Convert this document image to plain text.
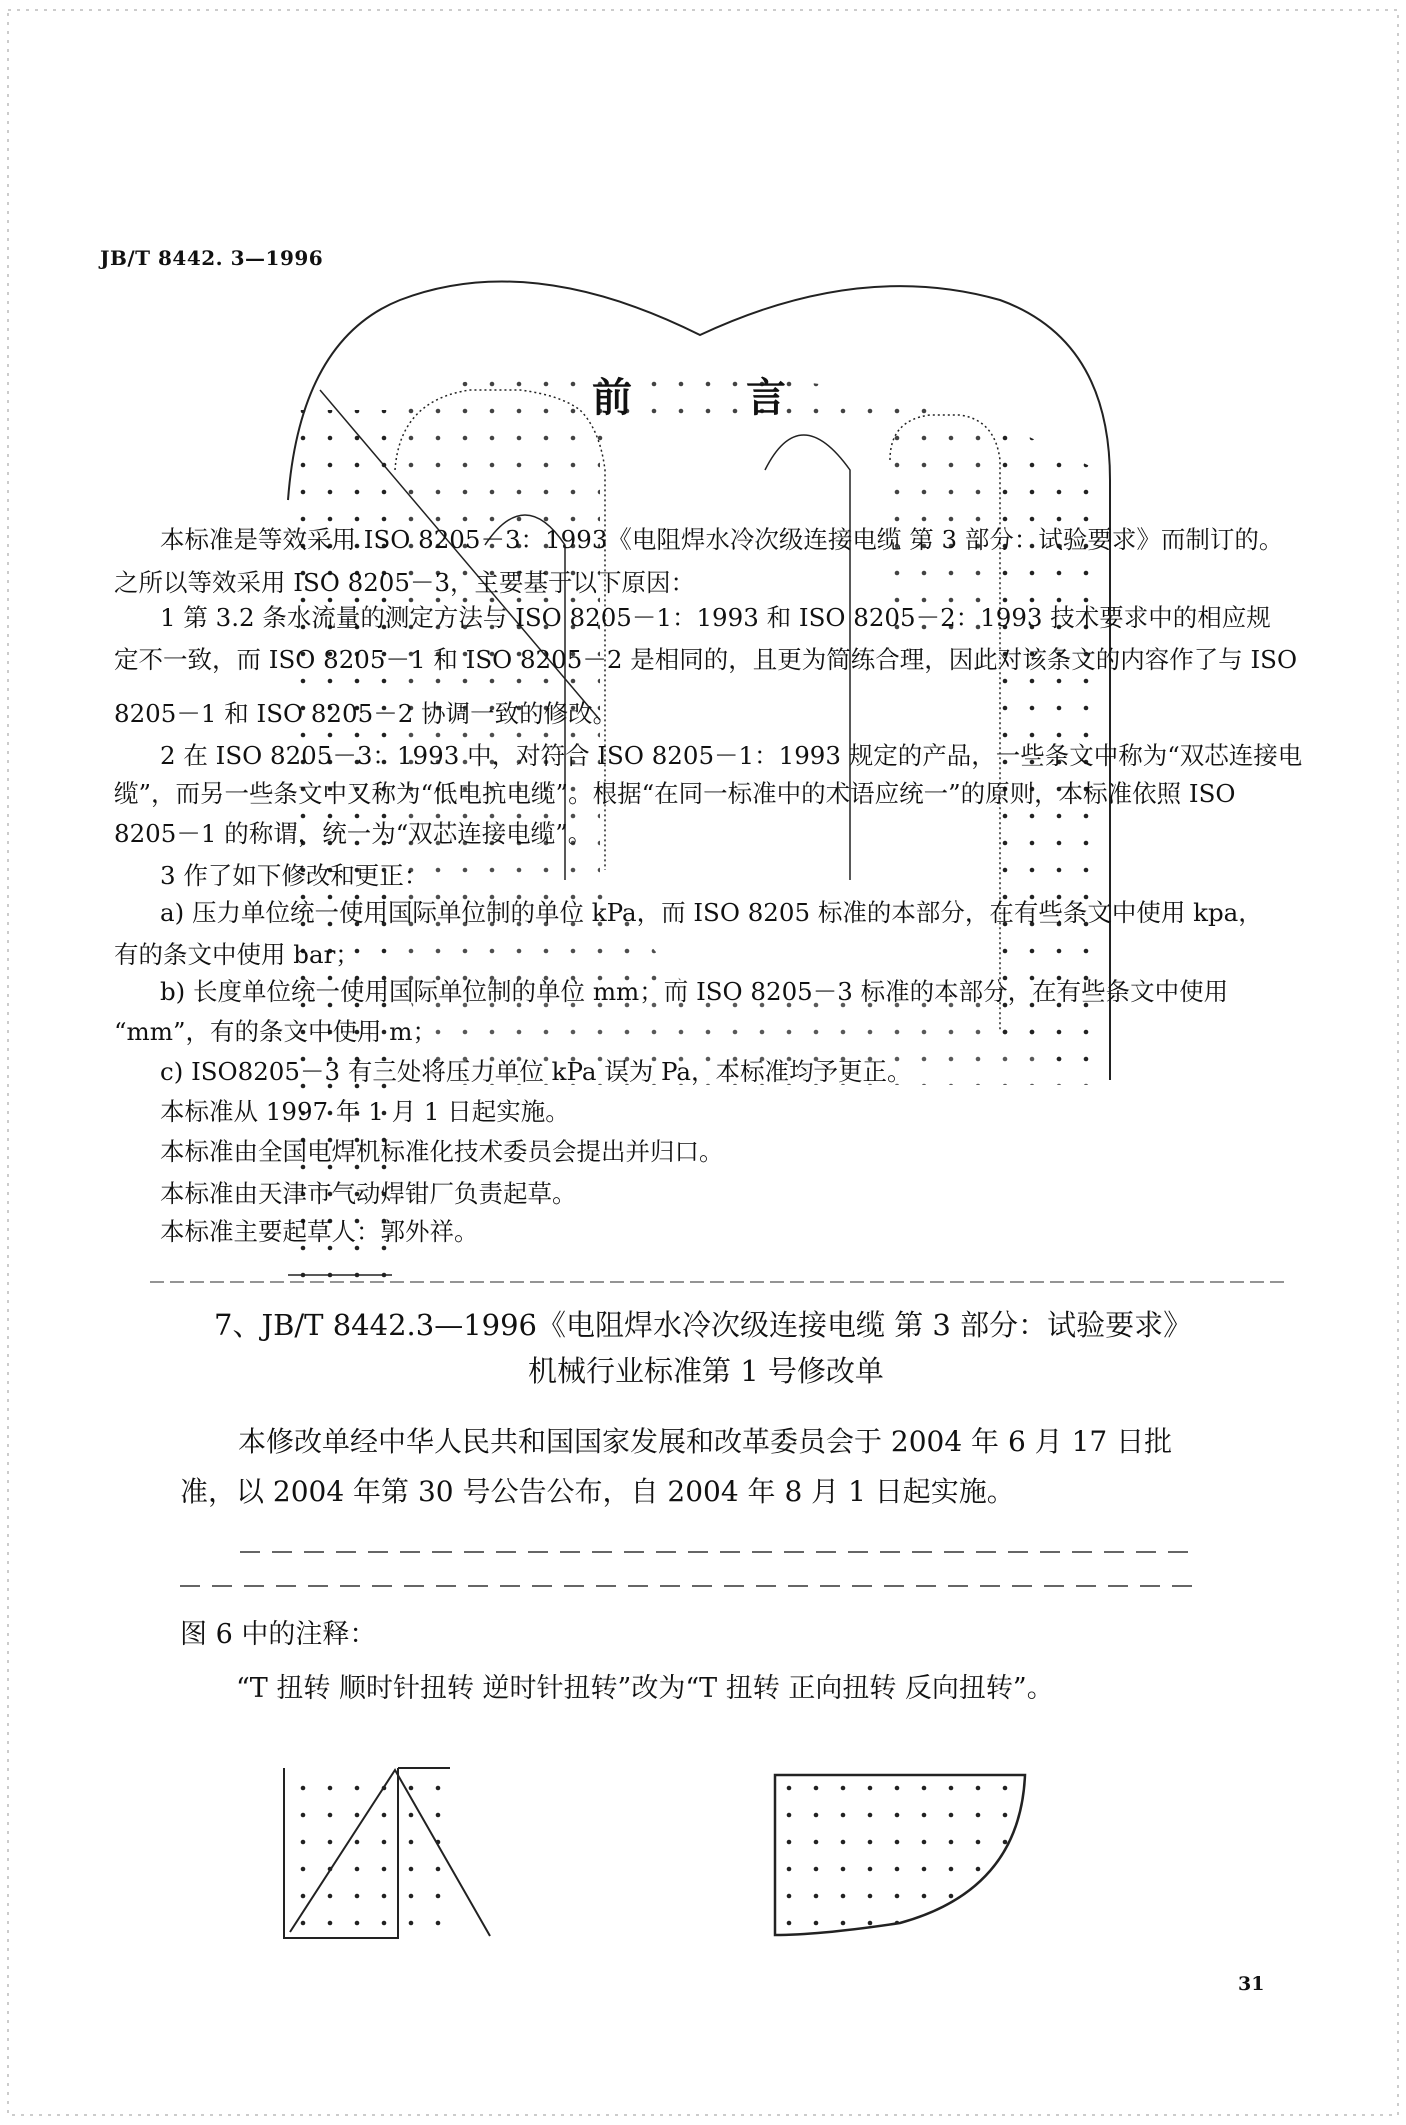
JB/T 8442. 3—1996
前	言
本标准是等效采用 ISO 8205－3：1993《电阻焊水冷次级连接电缆 第 3 部分：试验要求》而制订的。
之所以等效采用 ISO 8205－3，主要基于以下原因：
1 第 3.2 条水流量的测定方法与 ISO 8205－1：1993 和 ISO 8205－2：1993 技术要求中的相应规
定不一致，而 ISO 8205－1 和 ISO 8205－2 是相同的，且更为简练合理，因此对该条文的内容作了与 ISO
8205－1 和 ISO 8205－2 协调一致的修改。
2 在 ISO 8205－3：1993 中，对符合 ISO 8205－1：1993 规定的产品，一些条文中称为“双芯连接电
缆”，而另一些条文中又称为“低电抗电缆”。根据“在同一标准中的术语应统一”的原则，本标准依照 ISO
8205－1 的称谓，统一为“双芯连接电缆”。
3 作了如下修改和更正：
a) 压力单位统一使用国际单位制的单位 kPa，而 ISO 8205 标准的本部分，在有些条文中使用 kpa，
有的条文中使用 bar；
b) 长度单位统一使用国际单位制的单位 mm；而 ISO 8205－3 标准的本部分，在有些条文中使用
“mm”，有的条文中使用 m；
c) ISO8205－3 有三处将压力单位 kPa 误为 Pa，本标准均予更正。
本标准从 1997 年 1 月 1 日起实施。
本标准由全国电焊机标准化技术委员会提出并归口。
本标准由天津市气动焊钳厂负责起草。
本标准主要起草人：郭外祥。
7、JB/T 8442.3—1996《电阻焊水冷次级连接电缆 第 3 部分：试验要求》
机械行业标准第 1 号修改单
本修改单经中华人民共和国国家发展和改革委员会于 2004 年 6 月 17 日批
准，以 2004 年第 30 号公告公布，自 2004 年 8 月 1 日起实施。
图 6 中的注释：
“T 扭转 顺时针扭转 逆时针扭转”改为“T 扭转 正向扭转 反向扭转”。
31
